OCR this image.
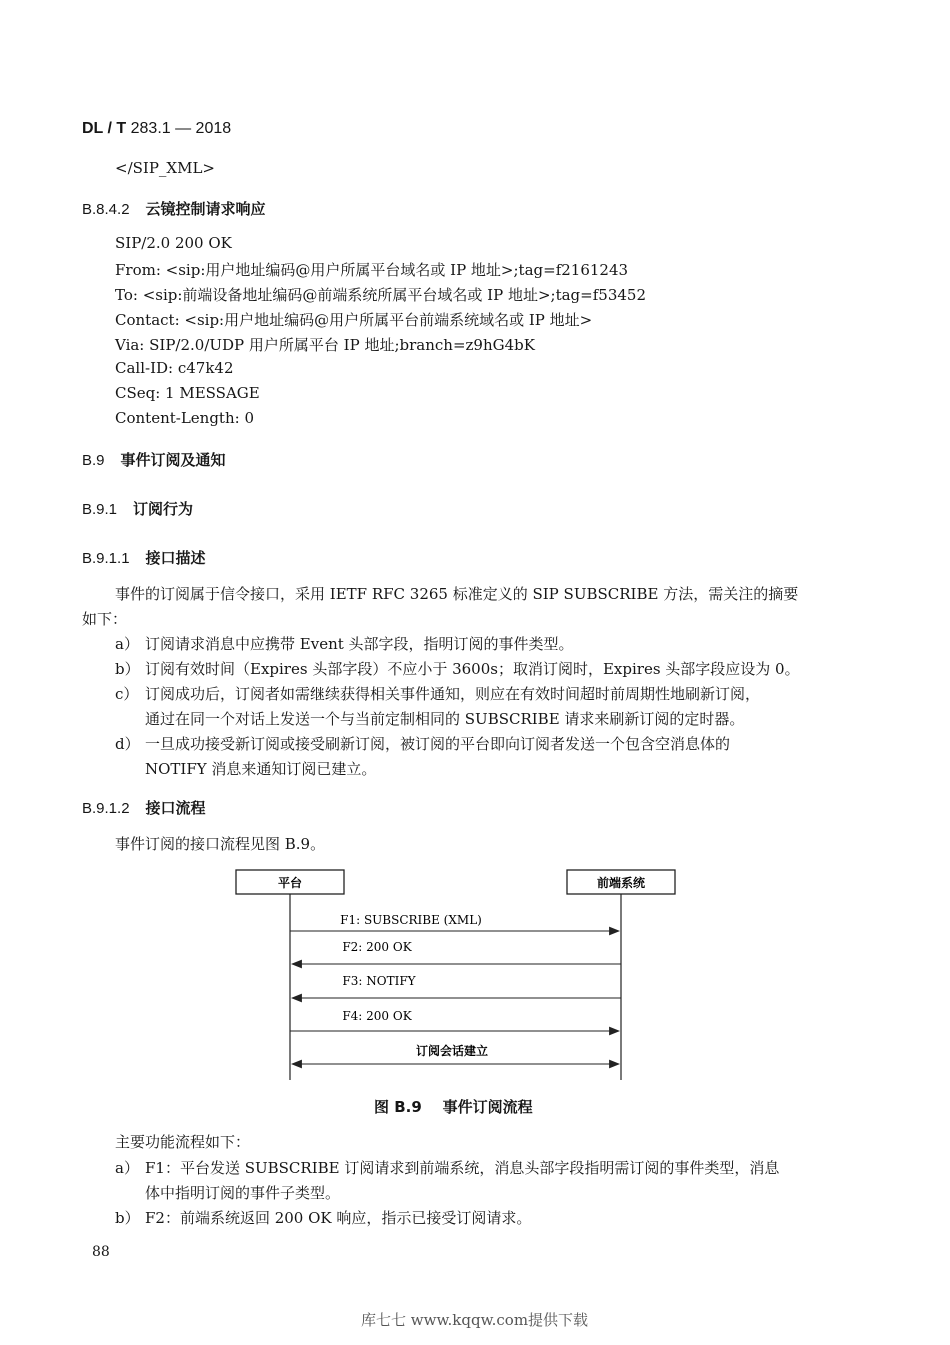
DL / T 283.1 — 2018
</SIP_XML>
B.8.4.2 云镜控制请求响应
SIP/2.0 200 OK
From: <sip:用户地址编码@用户所属平台域名或 IP 地址>;tag=f2161243
To: <sip:前端设备地址编码@前端系统所属平台域名或 IP 地址>;tag=f53452
Contact: <sip:用户地址编码@用户所属平台前端系统域名或 IP 地址>
Via: SIP/2.0/UDP 用户所属平台 IP 地址;branch=z9hG4bK
Call-ID: c47k42
CSeq: 1 MESSAGE
Content-Length: 0
B.9 事件订阅及通知
B.9.1 订阅行为
B.9.1.1 接口描述
事件的订阅属于信令接口，采用 IETF RFC 3265 标准定义的 SIP SUBSCRIBE 方法，需关注的摘要
如下：
a） 订阅请求消息中应携带 Event 头部字段，指明订阅的事件类型。
b） 订阅有效时间（Expires 头部字段）不应小于 3600s；取消订阅时，Expires 头部字段应设为 0。
c） 订阅成功后，订阅者如需继续获得相关事件通知，则应在有效时间超时前周期性地刷新订阅，
通过在同一个对话上发送一个与当前定制相同的 SUBSCRIBE 请求来刷新订阅的定时器。
d） 一旦成功接受新订阅或接受刷新订阅，被订阅的平台即向订阅者发送一个包含空消息体的
NOTIFY 消息来通知订阅已建立。
B.9.1.2 接口流程
事件订阅的接口流程见图 B.9。
平台	前端系统
F1: SUBSCRIBE (XML)
F2: 200 OK
F3: NOTIFY
F4: 200 OK
订阅会话建立
图 B.9    事件订阅流程
主要功能流程如下：
a） F1：平台发送 SUBSCRIBE 订阅请求到前端系统，消息头部字段指明需订阅的事件类型，消息
体中指明订阅的事件子类型。
b） F2：前端系统返回 200 OK 响应，指示已接受订阅请求。
88
库七七 www.kqqw.com提供下载
